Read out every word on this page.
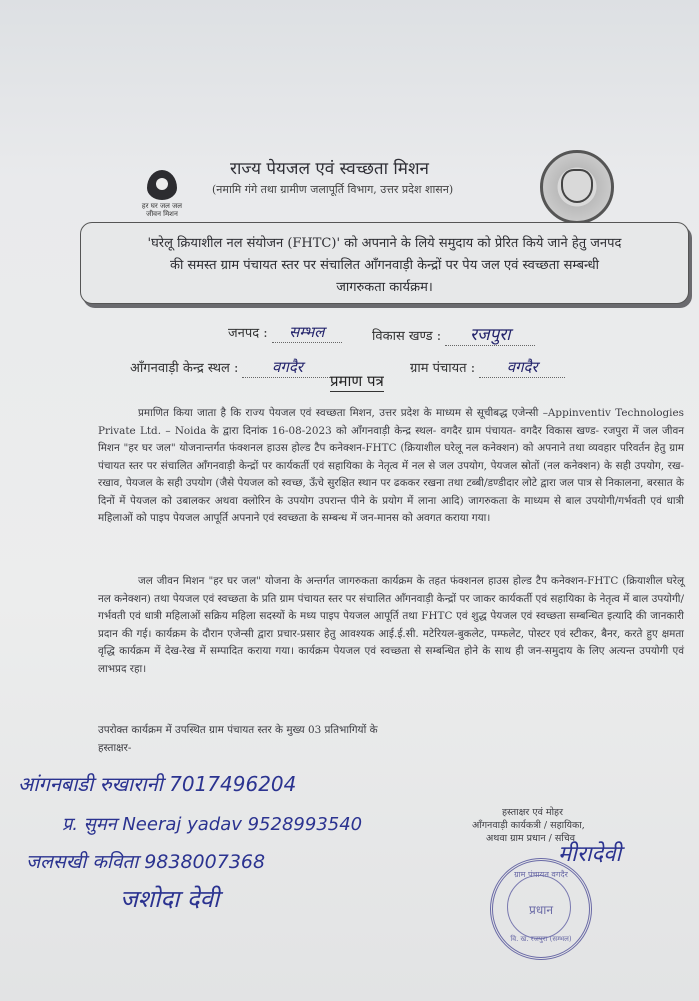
हर घर जल जल जीवन मिशन
राज्य पेयजल एवं स्वच्छता मिशन
(नमामि गंगे तथा ग्रामीण जलापूर्ति विभाग, उत्तर प्रदेश शासन)

'घरेलू क्रियाशील नल संयोजन (FHTC)' को अपनाने के लिये समुदाय को प्रेरित किये जाने हेतु जनपद
की समस्त ग्राम पंचायत स्तर पर संचालित आँगनवाड़ी केन्द्रों पर पेय जल एवं स्वच्छता सम्बन्धी
जागरुकता कार्यक्रम।

जनपद : सम्भल	विकास खण्ड : रजपुरा
आँगनवाड़ी केन्द्र स्थल : वगदैर	ग्राम पंचायत : वगदैर
प्रमाण पत्र
प्रमाणित किया जाता है कि राज्य पेयजल एवं स्वच्छता मिशन, उत्तर प्रदेश के माध्यम से सूचीबद्ध एजेन्सी –Appinventiv Technologies Private Ltd. – Noida के द्वारा दिनांक 16-08-2023 को आँगनवाड़ी केन्द्र स्थल- वगदैर ग्राम पंचायत- वगदैर विकास खण्ड- रजपुरा में जल जीवन मिशन "हर घर जल" योजनान्तर्गत फंक्शनल हाउस होल्ड टैप कनेक्शन-FHTC (क्रियाशील घरेलू नल कनेक्शन) को अपनाने तथा व्यवहार परिवर्तन हेतु ग्राम पंचायत स्तर पर संचालित आँगनवाड़ी केन्द्रों पर कार्यकर्ती एवं सहायिका के नेतृत्व में नल से जल उपयोग, पेयजल स्रोतों (नल कनेक्शन) के सही उपयोग, रख-रखाव, पेयजल के सही उपयोग (जैसे पेयजल को स्वच्छ, ऊँचे सुरक्षित स्थान पर ढककर रखना तथा टब्बी/डण्डीदार लोटे द्वारा जल पात्र से निकालना, बरसात के दिनों में पेयजल को उबालकर अथवा क्लोरिन के उपयोग उपरान्त पीने के प्रयोग में लाना आदि) जागरुकता के माध्यम से बाल उपयोगी/गर्भवती एवं धात्री महिलाओं को पाइप पेयजल आपूर्ति अपनाने एवं स्वच्छता के सम्बन्ध में जन-मानस को अवगत कराया गया।
जल जीवन मिशन "हर घर जल" योजना के अन्तर्गत जागरुकता कार्यक्रम के तहत फंक्शनल हाउस होल्ड टैप कनेक्शन-FHTC (क्रियाशील घरेलू नल कनेक्शन) तथा पेयजल एवं स्वच्छता के प्रति ग्राम पंचायत स्तर पर संचालित आँगनवाड़ी केन्द्रों पर जाकर कार्यकर्ती एवं सहायिका के नेतृत्व में बाल उपयोगी/गर्भवती एवं धात्री महिलाओं सक्रिय महिला सदस्यों के मध्य पाइप पेयजल आपूर्ति तथा FHTC एवं शुद्ध पेयजल एवं स्वच्छता सम्बन्धित इत्यादि की जानकारी प्रदान की गई। कार्यक्रम के दौरान एजेन्सी द्वारा प्रचार-प्रसार हेतु आवश्यक आई.ई.सी. मटेरियल-बुकलेट, पम्फलेट, पोस्टर एवं स्टीकर, बैनर, करते हुए क्षमता वृद्धि कार्यक्रम में देख-रेख में सम्पादित कराया गया। कार्यक्रम पेयजल एवं स्वच्छता से सम्बन्धित होने के साथ ही जन-समुदाय के लिए अत्यन्त उपयोगी एवं लाभप्रद रहा।
उपरोक्त कार्यक्रम में उपस्थित ग्राम पंचायत स्तर के मुख्य 03 प्रतिभागियों के
हस्ताक्षर-
आंगनबाडी रुखारानी 7017496204
प्र. सुमन Neeraj yadav 9528993540
जलसखी कविता 9838007368
जशोदा देवी
हस्ताक्षर एवं मोहर
आँगनवाड़ी कार्यकत्री / सहायिका,
अथवा ग्राम प्रधान / सचिव
मीरादेवी
ग्राम पंचायत वगदैर
प्रधान
वि. ख. रजपुरा (सम्भल)
